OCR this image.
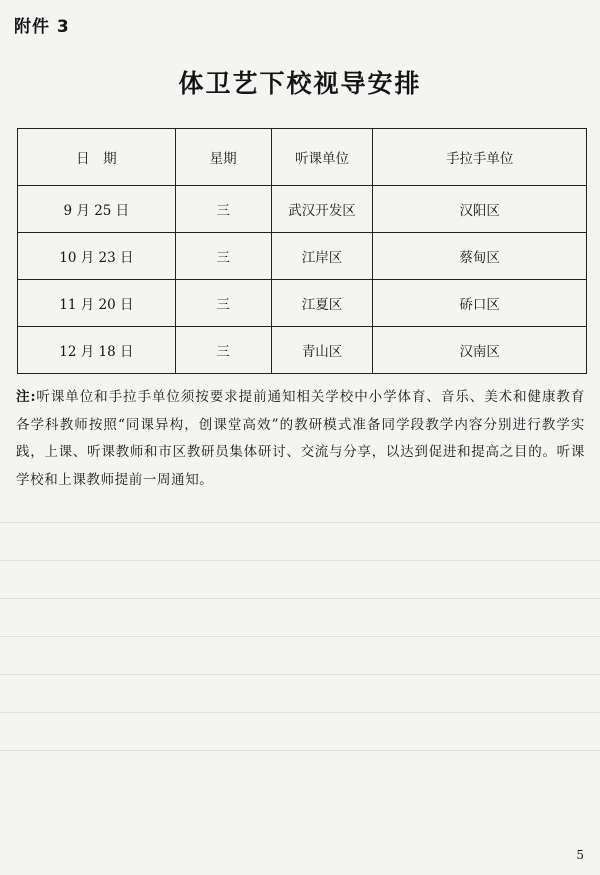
附件 3
体卫艺下校视导安排
日　期	星期	听课单位	手拉手单位
9 月 25 日	三	武汉开发区	汉阳区
10 月 23 日	三	江岸区	蔡甸区
11 月 20 日	三	江夏区	硚口区
12 月 18 日	三	青山区	汉南区
注:听课单位和手拉手单位须按要求提前通知相关学校中小学体育、音乐、美术和健康教育各学科教师按照“同课异构，创课堂高效”的教研模式准备同学段教学内容分别进行教学实践，上课、听课教师和市区教研员集体研讨、交流与分享，以达到促进和提高之目的。听课学校和上课教师提前一周通知。
5
